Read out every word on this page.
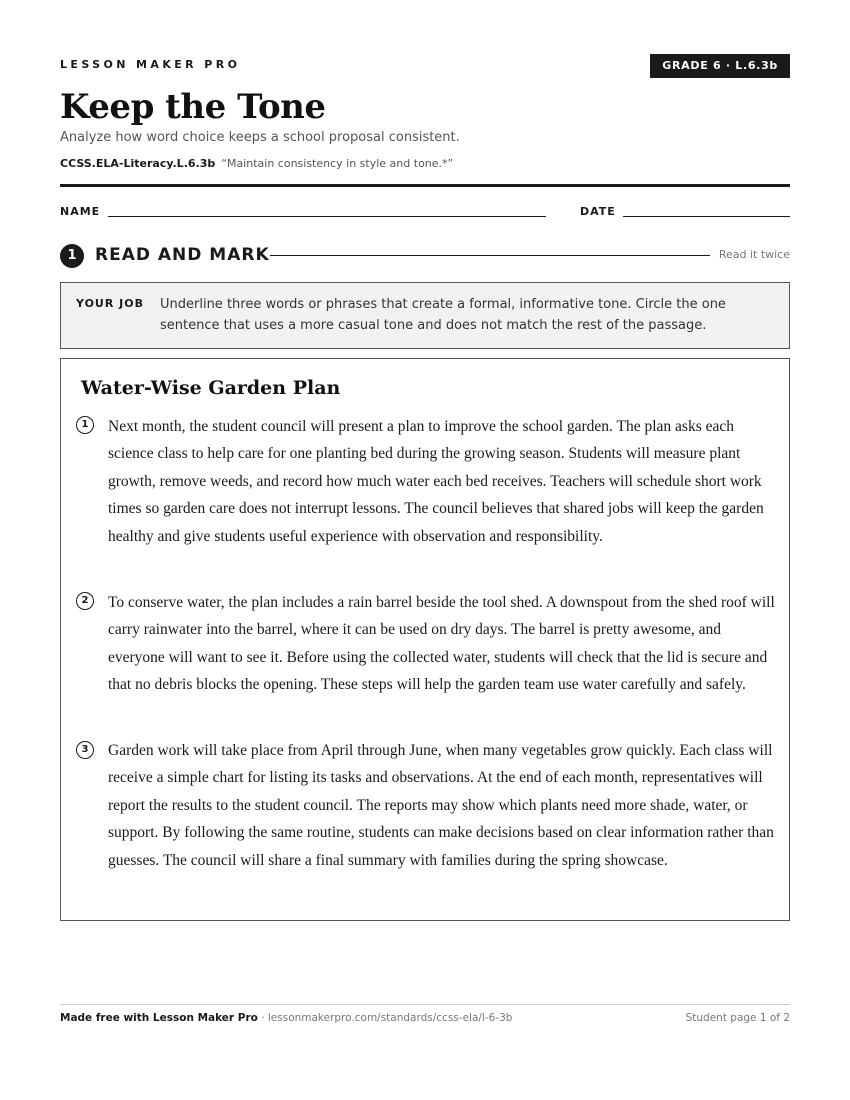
LESSON MAKER PRO	GRADE 6 · L.6.3b
Keep the Tone
Analyze how word choice keeps a school proposal consistent.
CCSS.ELA-Literacy.L.6.3b “Maintain consistency in style and tone.*”
NAME	DATE
1	READ AND MARK	Read it twice
YOUR JOB Underline three words or phrases that create a formal, informative tone. Circle the one sentence that uses a more casual tone and does not match the rest of the passage.
Water-Wise Garden Plan
1	Next month, the student council will present a plan to improve the school garden. The plan asks each science class to help care for one planting bed during the growing season. Students will measure plant growth, remove weeds, and record how much water each bed receives. Teachers will schedule short work times so garden care does not interrupt lessons. The council believes that shared jobs will keep the garden healthy and give students useful experience with observation and responsibility.
2	To conserve water, the plan includes a rain barrel beside the tool shed. A downspout from the shed roof will carry rainwater into the barrel, where it can be used on dry days. The barrel is pretty awesome, and everyone will want to see it. Before using the collected water, students will check that the lid is secure and that no debris blocks the opening. These steps will help the garden team use water carefully and safely.
3	Garden work will take place from April through June, when many vegetables grow quickly. Each class will receive a simple chart for listing its tasks and observations. At the end of each month, representatives will report the results to the student council. The reports may show which plants need more shade, water, or support. By following the same routine, students can make decisions based on clear information rather than guesses. The council will share a final summary with families during the spring showcase.
Made free with Lesson Maker Pro · lessonmakerpro.com/standards/ccss-ela/l-6-3b	Student page 1 of 2
